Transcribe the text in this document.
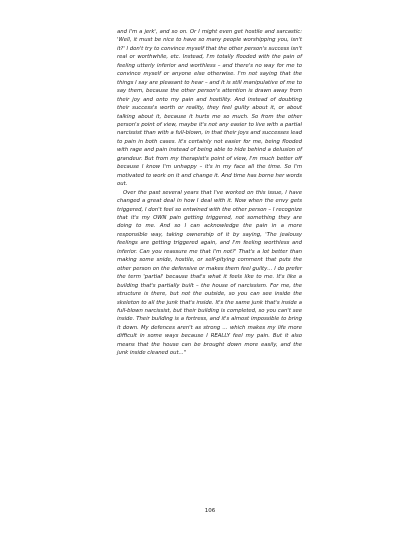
and I'm a jerk', and so on. Or I might even get hostile and sarcastic: 'Well, it must be nice to have so many people worshipping you, isn't it?' I don't try to convince myself that the other person's success isn't real or worthwhile, etc. Instead, I'm totally flooded with the pain of feeling utterly inferior and worthless – and there's no way for me to convince myself or anyone else otherwise. I'm not saying that the things I say are pleasant to hear – and it is still manipulative of me to say them, because the other person's attention is drawn away from their joy and onto my pain and hostility. And instead of doubting their success's worth or reality, they feel guilty about it, or about talking about it, because it hurts me so much. So from the other person's point of view, maybe it's not any easier to live with a partial narcissist than with a full-blown, in that their joys and successes lead to pain in both cases. It's certainly not easier for me, being flooded with rage and pain instead of being able to hide behind a delusion of grandeur. But from my therapist's point of view, I'm much better off because I know I'm unhappy – it's in my face all the time. So I'm motivated to work on it and change it. And time has borne her words out.

Over the past several years that I've worked on this issue, I have changed a great deal in how I deal with it. Now when the envy gets triggered, I don't feel so entwined with the other person – I recognize that it's my OWN pain getting triggered, not something they are doing to me. And so I can acknowledge the pain in a more responsible way, taking ownership of it by saying, 'The jealousy feelings are getting triggered again, and I'm feeling worthless and inferior. Can you reassure me that I'm not?' That's a lot better than making some snide, hostile, or self-pitying comment that puts the other person on the defensive or makes them feel guilty… I do prefer the term 'partial' because that's what it feels like to me. It's like a building that's partially built – the house of narcissism. For me, the structure is there, but not the outside, so you can see inside the skeleton to all the junk that's inside. It's the same junk that's inside a full-blown narcissist, but their building is completed, so you can't see inside. Their building is a fortress, and it's almost impossible to bring it down. My defences aren't as strong … which makes my life more difficult in some ways because I REALLY feel my pain. But it also means that the house can be brought down more easily, and the junk inside cleaned out…"

106
